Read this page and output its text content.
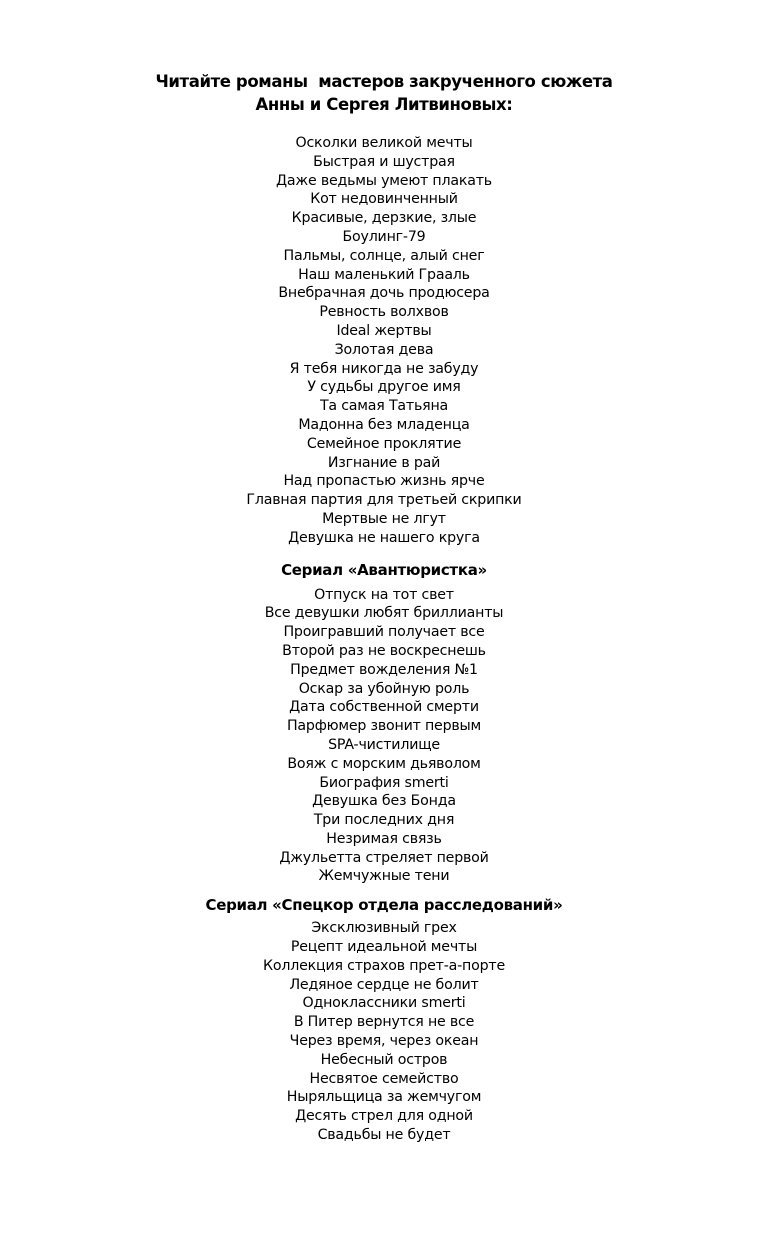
Читайте романы  мастеров закрученного сюжета

Анны и Сергея Литвиновых:

Осколки великой мечты
Быстрая и шустрая
Даже ведьмы умеют плакать
Кот недовинченный
Красивые, дерзкие, злые
Боулинг-79
Пальмы, солнце, алый снег
Наш маленький Грааль
Внебрачная дочь продюсера
Ревность волхвов
Ideal жертвы
Золотая дева
Я тебя никогда не забуду
У судьбы другое имя
Та самая Татьяна
Мадонна без младенца
Семейное проклятие
Изгнание в рай
Над пропастью жизнь ярче
Главная партия для третьей скрипки
Мертвые не лгут
Девушка не нашего круга

Сериал «Авантюристка»

Отпуск на тот свет
Все девушки любят бриллианты
Проигравший получает все
Второй раз не воскреснешь
Предмет вожделения №1
Оскар за убойную роль
Дата собственной смерти
Парфюмер звонит первым
SPA-чистилище
Вояж с морским дьяволом
Биография smerti
Девушка без Бонда
Три последних дня
Незримая связь
Джульетта стреляет первой
Жемчужные тени

Сериал «Спецкор отдела расследований»

Эксклюзивный грех
Рецепт идеальной мечты
Коллекция страхов прет-а-порте
Ледяное сердце не болит
Одноклассники smerti
В Питер вернутся не все
Через время, через океан
Небесный остров
Несвятое семейство
Ныряльщица за жемчугом
Десять стрел для одной
Свадьбы не будет
